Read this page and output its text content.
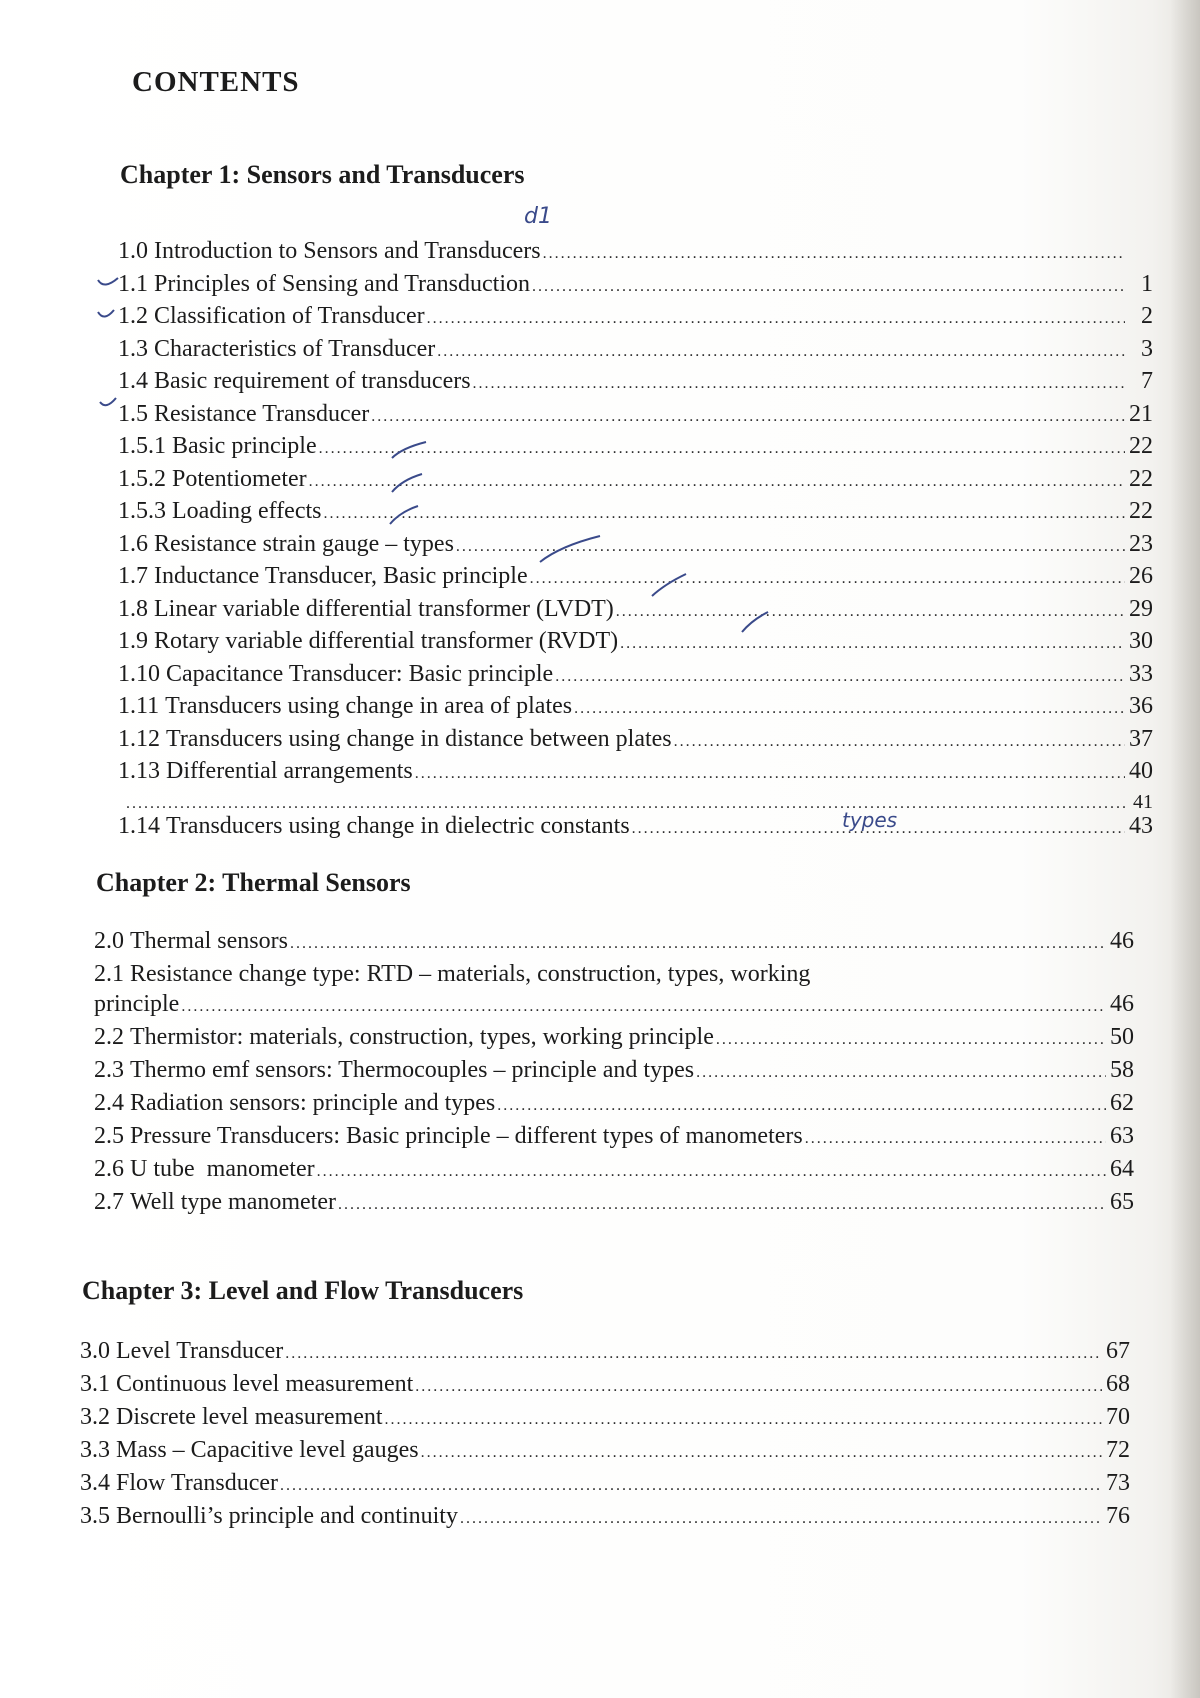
CONTENTS
Chapter 1: Sensors and Transducers
d1
1.0 Introduction to Sensors and Transducers
.....
1.1 Principles of Sensing and Transduction .....	1
1.2 Classification of Transducer .....	2
1.3 Characteristics of Transducer .....	3
1.4 Basic requirement of transducers .....	7
1.5 Resistance Transducer .....	21
1.5.1 Basic principle .....	22
1.5.2 Potentiometer .....	22
1.5.3 Loading effects .....	22
1.6 Resistance strain gauge – types .....	23
1.7 Inductance Transducer, Basic principle .....	26
1.8 Linear variable differential transformer (LVDT) .....	29
1.9 Rotary variable differential transformer (RVDT) .....	30
1.10 Capacitance Transducer: Basic principle .....	33
1.11 Transducers using change in area of plates .....	36
1.12 Transducers using change in distance between plates .....	37
1.13 Differential arrangements .....	40
.....
41
1.14 Transducers using change in dielectric constants .....	43
types
Chapter 2: Thermal Sensors
2.0 Thermal sensors .....	46
2.1 Resistance change type: RTD – materials, construction, types, working
principle .....	46
2.2 Thermistor: materials, construction, types, working principle .....	50
2.3 Thermo emf sensors: Thermocouples – principle and types .....	58
2.4 Radiation sensors: principle and types .....	62
2.5 Pressure Transducers: Basic principle – different types of manometers .....	63
2.6 U tube  manometer .....	64
2.7 Well type manometer .....	65
Chapter 3: Level and Flow Transducers
3.0 Level Transducer .....	67
3.1 Continuous level measurement .....	68
3.2 Discrete level measurement .....	70
3.3 Mass – Capacitive level gauges .....	72
3.4 Flow Transducer .....	73
3.5 Bernoulli’s principle and continuity .....	76
